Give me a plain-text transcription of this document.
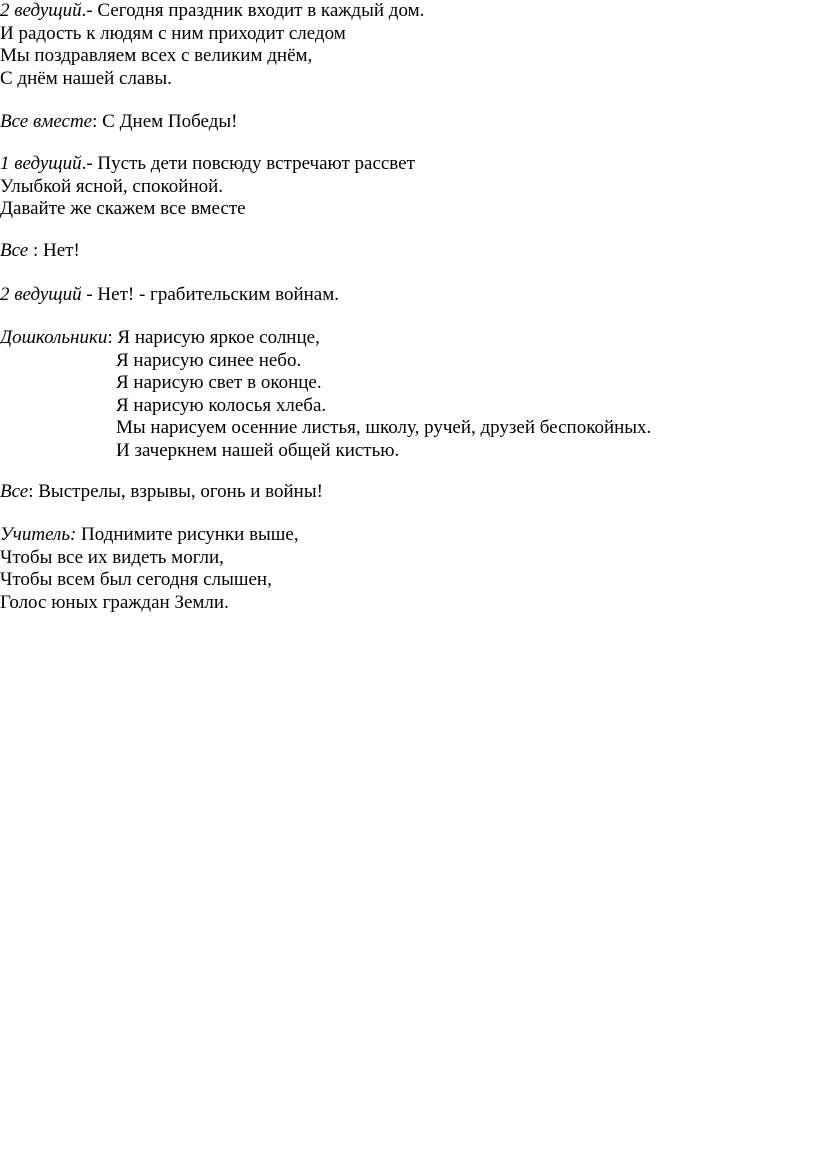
2 ведущий.- Сегодня праздник входит в каждый дом.
И радость к людям с ним приходит следом
Мы поздравляем всех с великим днём,
С днём нашей славы.
Все вместе: С Днем Победы!
1 ведущий.- Пусть дети повсюду встречают рассвет
Улыбкой ясной, спокойной.
Давайте же скажем все вместе
Все : Нет!
2 ведущий - Нет! - грабительским войнам.
Дошкольники: Я нарисую яркое солнце,
Я нарисую синее небо.
Я нарисую свет в оконце.
Я нарисую колосья хлеба.
Мы нарисуем осенние листья, школу, ручей, друзей беспокойных.
И зачеркнем нашей общей кистью.
Все: Выстрелы, взрывы, огонь и войны!
Учитель: Поднимите рисунки выше,
Чтобы все их видеть могли,
Чтобы всем был сегодня слышен,
Голос юных граждан Земли.
